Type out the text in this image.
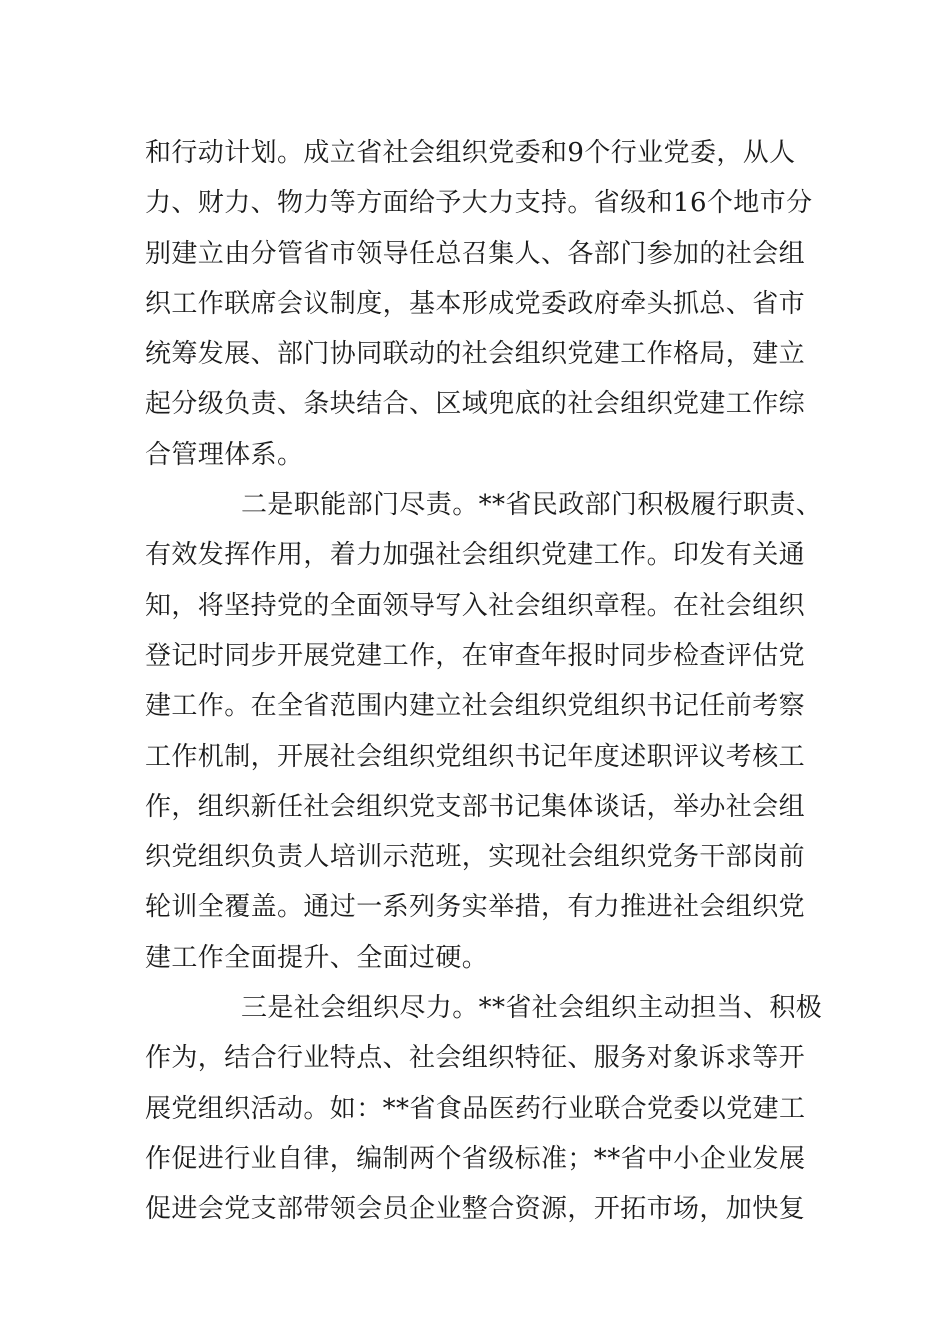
和行动计划。成立省社会组织党委和9个行业党委，从人
力、财力、物力等方面给予大力支持。省级和16个地市分
别建立由分管省市领导任总召集人、各部门参加的社会组
织工作联席会议制度，基本形成党委政府牵头抓总、省市
统筹发展、部门协同联动的社会组织党建工作格局，建立
起分级负责、条块结合、区域兜底的社会组织党建工作综
合管理体系。
二是职能部门尽责。**省民政部门积极履行职责、
有效发挥作用，着力加强社会组织党建工作。印发有关通
知，将坚持党的全面领导写入社会组织章程。在社会组织
登记时同步开展党建工作，在审查年报时同步检查评估党
建工作。在全省范围内建立社会组织党组织书记任前考察
工作机制，开展社会组织党组织书记年度述职评议考核工
作，组织新任社会组织党支部书记集体谈话，举办社会组
织党组织负责人培训示范班，实现社会组织党务干部岗前
轮训全覆盖。通过一系列务实举措，有力推进社会组织党
建工作全面提升、全面过硬。
三是社会组织尽力。**省社会组织主动担当、积极
作为，结合行业特点、社会组织特征、服务对象诉求等开
展党组织活动。如：**省食品医药行业联合党委以党建工
作促进行业自律，编制两个省级标准；**省中小企业发展
促进会党支部带领会员企业整合资源，开拓市场，加快复
